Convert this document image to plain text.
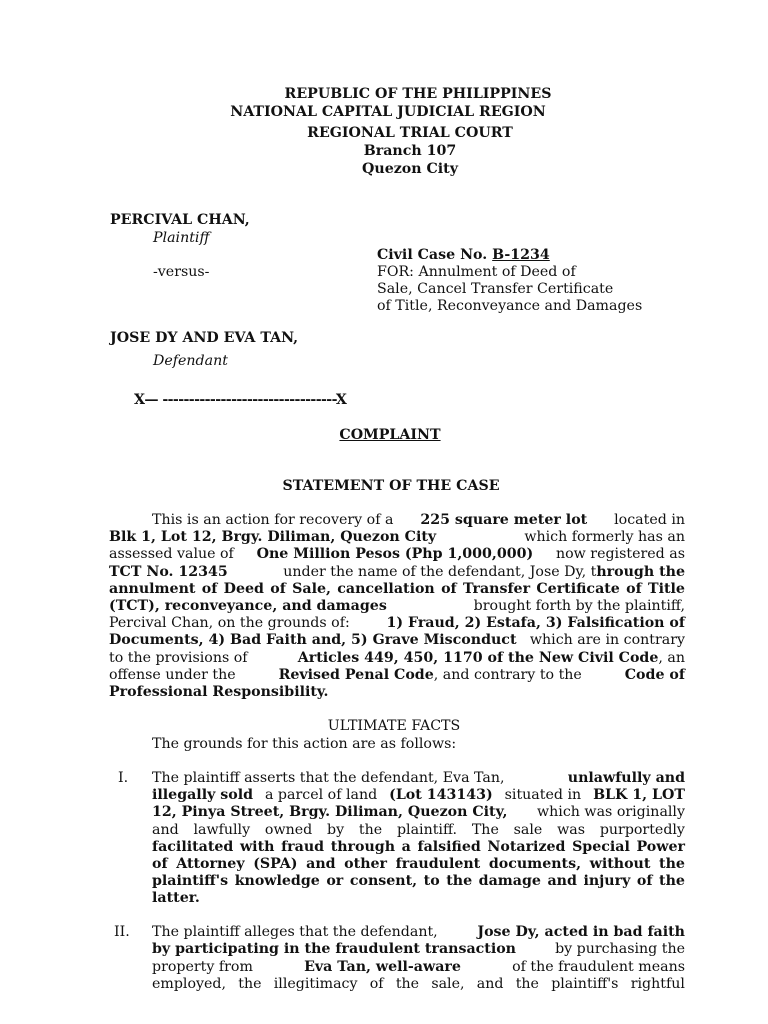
REPUBLIC OF THE PHILIPPINES
NATIONAL CAPITAL JUDICIAL REGION
REGIONAL TRIAL COURT
Branch 107
Quezon City
PERCIVAL CHAN,
Plaintiff
-versus-
JOSE DY AND EVA TAN,
Defendant
Civil Case No. B-1234
FOR: Annulment of Deed of
Sale, Cancel Transfer Certificate
of Title, Reconveyance and Damages
X— ---------------------------------X
COMPLAINT
STATEMENT OF THE CASE
This is an action for recovery of a 225 square meter lot located in
Blk 1, Lot 12, Brgy. Diliman, Quezon City	which formerly has an
assessed value of One Million Pesos (Php 1,000,000) now registered as
TCT No. 12345	under the name of the defendant, Jose Dy, through the
annulment of Deed of Sale, cancellation of Transfer Certificate of Title
(TCT), reconveyance, and damages	brought forth by the plaintiff,
Percival Chan, on the grounds of:	1) Fraud, 2) Estafa, 3) Falsification of
Documents, 4) Bad Faith and, 5) Grave Misconduct which are in contrary
to the provisions of	Articles 449, 450, 1170 of the New Civil Code, an
offense under the	Revised Penal Code, and contrary to the	Code of
Professional Responsibility.
ULTIMATE FACTS
The grounds for this action are as follows:
I. The plaintiff asserts that the defendant, Eva Tan,	unlawfully and
illegally sold a parcel of land (Lot 143143) situated in BLK 1, LOT
12, Pinya Street, Brgy. Diliman, Quezon City, which was originally
and lawfully owned by the plaintiff. The sale was purportedly
facilitated with fraud through a falsified Notarized Special Power
of Attorney (SPA) and other fraudulent documents, without the
plaintiff's knowledge or consent, to the damage and injury of the
latter.
II. The plaintiff alleges that the defendant,	Jose Dy, acted in bad faith
by participating in the fraudulent transaction	by purchasing the
property from	Eva Tan, well-aware	of the fraudulent means
employed, the illegitimacy of the sale, and the plaintiff's rightful
